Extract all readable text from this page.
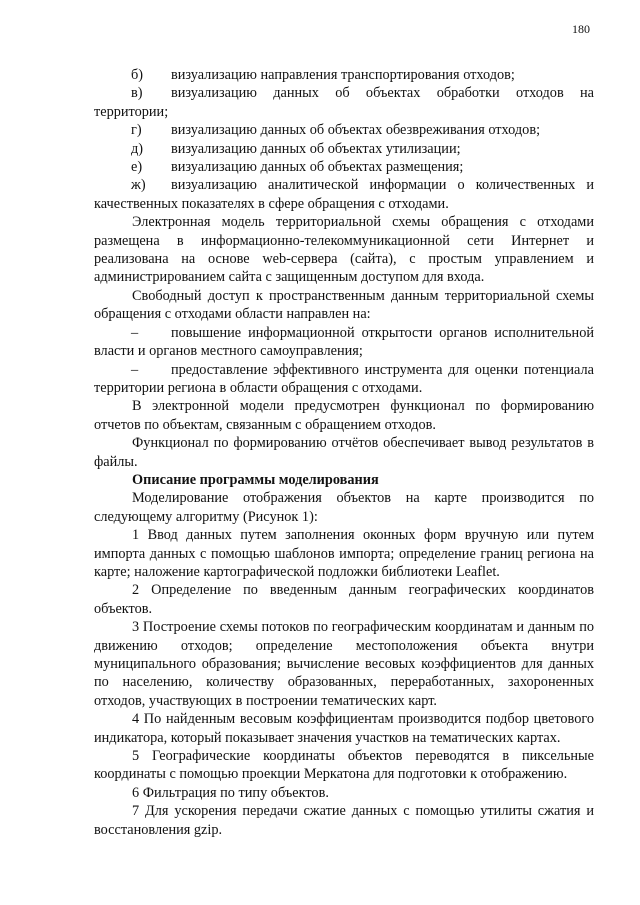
180

б) визуализацию направления транспортирования отходов;

в) визуализацию данных об объектах обработки отходов на территории;

г) визуализацию данных об объектах обезвреживания отходов;

д) визуализацию данных об объектах утилизации;

е) визуализацию данных об объектах размещения;

ж) визуализацию аналитической информации о количественных и качественных показателях в сфере обращения с отходами.

Электронная модель территориальной схемы обращения с отходами размещена в информационно-телекоммуникационной сети Интернет и реализована на основе web-сервера (сайта), с простым управлением и администрированием сайта с защищенным доступом для входа.

Свободный доступ к пространственным данным территориальной схемы обращения с отходами области направлен на:

– повышение информационной открытости органов исполнительной власти и органов местного самоуправления;

– предоставление эффективного инструмента для оценки потенциала территории региона в области обращения с отходами.

В электронной модели предусмотрен функционал по формированию отчетов по объектам, связанным с обращением отходов.

Функционал по формированию отчётов обеспечивает вывод результатов в файлы.

Описание программы моделирования

Моделирование отображения объектов на карте производится по следующему алгоритму (Рисунок 1):

1 Ввод данных путем заполнения оконных форм вручную или путем импорта данных с помощью шаблонов импорта; определение границ региона на карте; наложение картографической подложки библиотеки Leaflet.

2 Определение по введенным данным географических координатов объектов.

3 Построение схемы потоков по географическим координатам и данным по движению отходов; определение местоположения объекта внутри муниципального образования; вычисление весовых коэффициентов для данных по населению, количеству образованных, переработанных, захороненных отходов, участвующих в построении тематических карт.

4 По найденным весовым коэффициентам производится подбор цветового индикатора, который показывает значения участков на тематических картах.

5 Географические координаты объектов переводятся в пиксельные координаты с помощью проекции Меркатона для подготовки к отображению.

6 Фильтрация по типу объектов.

7 Для ускорения передачи сжатие данных с помощью утилиты сжатия и восстановления gzip.
